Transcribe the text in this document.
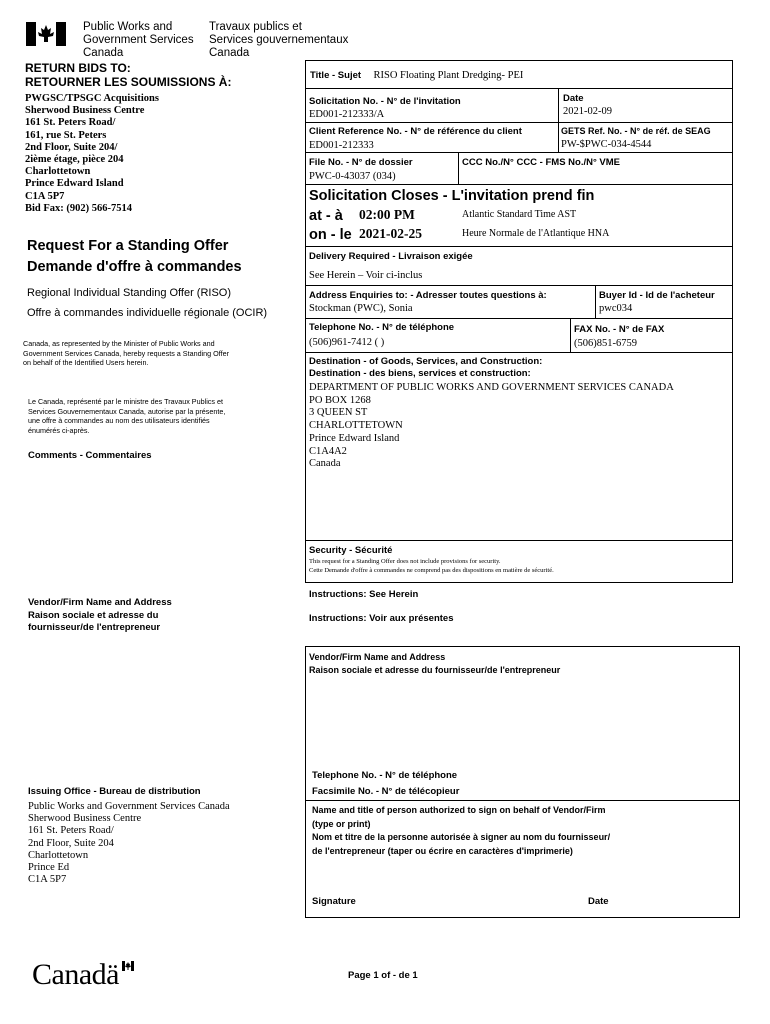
Public Works and
Government Services
Canada
Travaux publics et
Services gouvernementaux
Canada
RETURN BIDS TO:
RETOURNER LES SOUMISSIONS À:
PWGSC/TPSGC Acquisitions
Sherwood Business Centre
161 St. Peters Road/
161, rue St. Peters
2nd Floor, Suite 204/
2ième étage, pièce 204
Charlottetown
Prince Edward Island
C1A 5P7
Bid Fax: (902) 566-7514
Request For a Standing Offer
Demande d'offre à commandes
Regional Individual Standing Offer (RISO)
Offre à commandes individuelle régionale (OCIR)
Canada, as represented by the Minister of Public Works and
Government Services Canada, hereby requests a Standing Offer
on behalf of the Identified Users herein.
Le Canada, représenté par le ministre des Travaux Publics et
Services Gouvernementaux Canada, autorise par la présente,
une offre à commandes au nom des utilisateurs identifiés
énumérés ci-après.
Comments - Commentaires
Vendor/Firm Name and Address
Raison sociale et adresse du
fournisseur/de l'entrepreneur
Issuing Office - Bureau de distribution
Public Works and Government Services Canada
Sherwood Business Centre
161 St. Peters Road/
2nd Floor, Suite 204
Charlottetown
Prince Ed
C1A 5P7
Title - Sujet RISO Floating Plant Dredging- PEI
Solicitation No. - N° de l'invitation
ED001-212333/A
Date
2021-02-09
Client Reference No. - N° de référence du client
ED001-212333
GETS Ref. No. - N° de réf. de SEAG
PW-$PWC-034-4544
File No. - N° de dossier
PWC-0-43037 (034)
CCC No./N° CCC - FMS No./N° VME
Solicitation Closes - L'invitation prend fin
at - à 02:00 PM	Atlantic Standard Time AST
on - le 2021-02-25	Heure Normale de l'Atlantique HNA
Delivery Required - Livraison exigée
See Herein – Voir ci-inclus
Address Enquiries to: - Adresser toutes questions à:
Stockman (PWC), Sonia
Buyer Id - Id de l'acheteur
pwc034
Telephone No. - N° de téléphone
(506)961-7412 ( )
FAX No. - N° de FAX
(506)851-6759
Destination - of Goods, Services, and Construction:
Destination - des biens, services et construction:
DEPARTMENT OF PUBLIC WORKS AND GOVERNMENT SERVICES CANADA
PO BOX 1268
3 QUEEN ST
CHARLOTTETOWN
Prince Edward Island
C1A4A2
Canada
Security - Sécurité
This request for a Standing Offer does not include provisions for security.
Cette Demande d'offre à commandes ne comprend pas des dispositions en matière de sécurité.
Instructions: See Herein
Instructions: Voir aux présentes
Vendor/Firm Name and Address
Raison sociale et adresse du fournisseur/de l'entrepreneur
Telephone No. - N° de téléphone
Facsimile No. - N° de télécopieur
Name and title of person authorized to sign on behalf of Vendor/Firm
(type or print)
Nom et titre de la personne autorisée à signer au nom du fournisseur/
de l'entrepreneur (taper ou écrire en caractères d'imprimerie)
Signature	Date
Canadä	Page 1 of - de 1
